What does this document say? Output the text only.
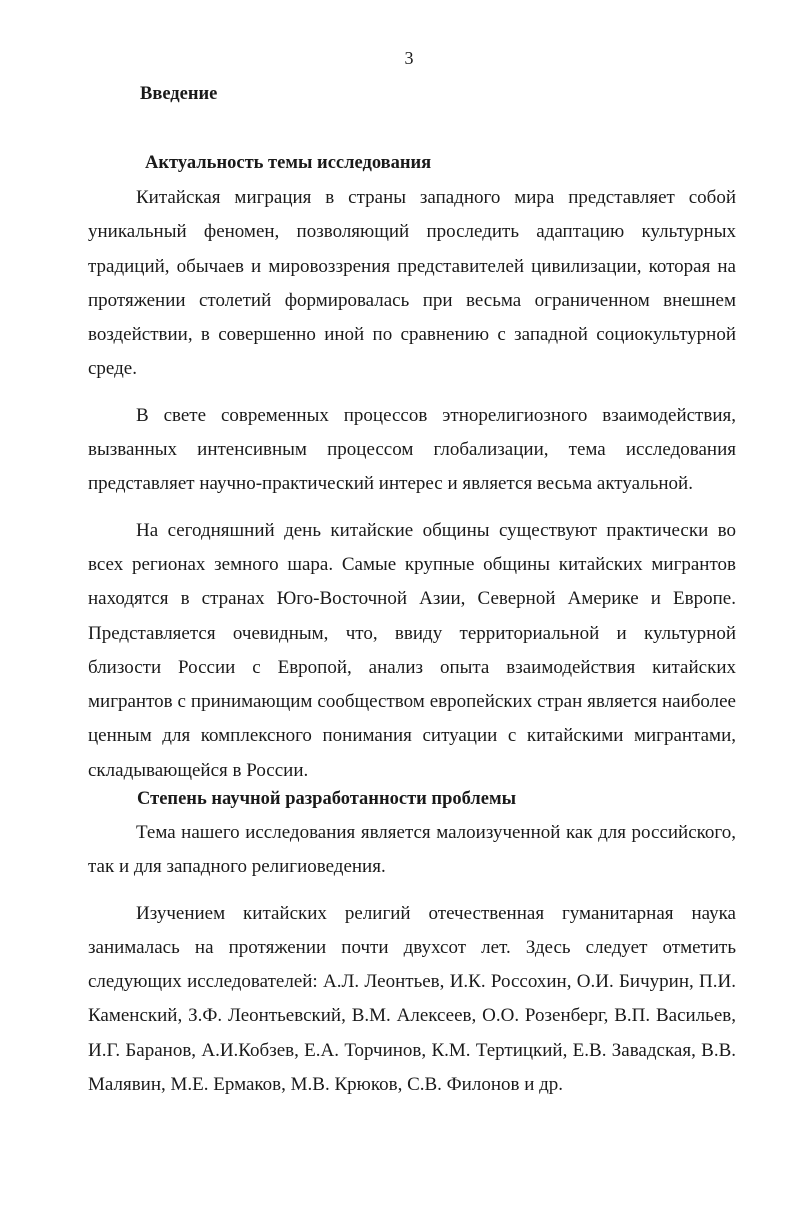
3
Введение
Актуальность темы исследования

Китайская миграция в страны западного мира представляет собой уникальный феномен, позволяющий проследить адаптацию культурных традиций, обычаев и мировоззрения представителей цивилизации, которая на протяжении столетий формировалась при весьма ограниченном внешнем воздействии, в совершенно иной по сравнению с западной социокультурной среде.

В свете современных процессов этнорелигиозного взаимодействия, вызванных интенсивным процессом глобализации, тема исследования представляет научно-практический интерес и является весьма актуальной.

На сегодняшний день китайские общины существуют практически во всех регионах земного шара. Самые крупные общины китайских мигрантов находятся в странах Юго-Восточной Азии, Северной Америке и Европе. Представляется очевидным, что, ввиду территориальной и культурной близости России с Европой, анализ опыта взаимодействия китайских мигрантов с принимающим сообществом европейских стран является наиболее ценным для комплексного понимания ситуации с китайскими мигрантами, складывающейся в России.

Степень научной разработанности проблемы

Тема нашего исследования является малоизученной как для российского, так и для западного религиоведения.

Изучением китайских религий отечественная гуманитарная наука занималась на протяжении почти двухсот лет. Здесь следует отметить следующих исследователей: А.Л. Леонтьев, И.К. Россохин, О.И. Бичурин, П.И. Каменский, З.Ф. Леонтьевский, В.М. Алексеев, О.О. Розенберг, В.П. Васильев, И.Г. Баранов, А.И.Кобзев, Е.А. Торчинов, К.М. Тертицкий, Е.В. Завадская, В.В. Малявин, М.Е. Ермаков, М.В. Крюков, С.В. Филонов и др.
